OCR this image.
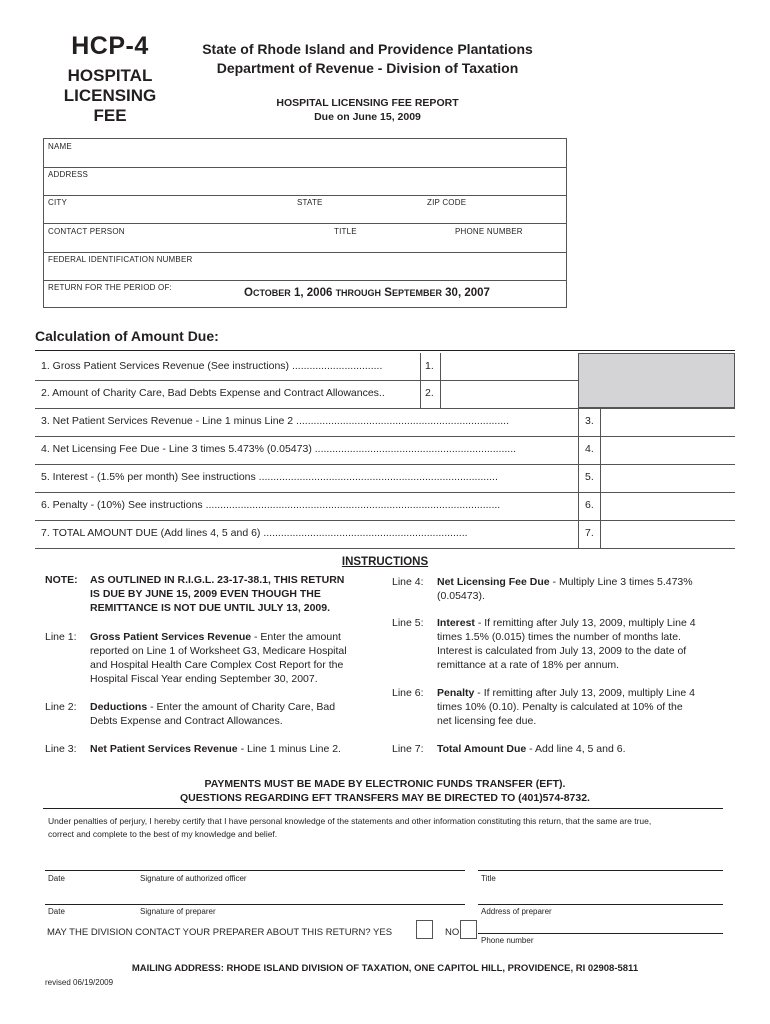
HCP-4
HOSPITAL
LICENSING
FEE
State of Rhode Island and Providence Plantations
Department of Revenue - Division of Taxation
HOSPITAL LICENSING FEE REPORT
Due on June 15, 2009
NAME
ADDRESS
CITY	STATE	ZIP CODE
CONTACT PERSON	TITLE	PHONE NUMBER
FEDERAL IDENTIFICATION NUMBER
RETURN FOR THE PERIOD OF:	OCTOBER 1, 2006 THROUGH SEPTEMBER 30, 2007
Calculation of Amount Due:
1. Gross Patient Services Revenue (See instructions) ...............................	1.
2. Amount of Charity Care, Bad Debts Expense and Contract Allowances..	2.
3. Net Patient Services Revenue - Line 1 minus Line 2 .........................................................................	3.
4. Net Licensing Fee Due - Line 3 times 5.473% (0.05473) .....................................................................	4.
5. Interest - (1.5% per month) See instructions ..................................................................................	5.
6. Penalty - (10%) See instructions .....................................................................................................	6.
7. TOTAL AMOUNT DUE (Add lines 4, 5 and 6) ......................................................................	7.
INSTRUCTIONS
NOTE: AS OUTLINED IN R.I.G.L. 23-17-38.1, THIS RETURN
IS DUE BY JUNE 15, 2009 EVEN THOUGH THE
REMITTANCE IS NOT DUE UNTIL JULY 13, 2009.
Line 1: Gross Patient Services Revenue - Enter the amount
reported on Line 1 of Worksheet G3, Medicare Hospital
and Hospital Health Care Complex Cost Report for the
Hospital Fiscal Year ending September 30, 2007.
Line 2: Deductions - Enter the amount of Charity Care, Bad
Debts Expense and Contract Allowances.
Line 3: Net Patient Services Revenue - Line 1 minus Line 2.
Line 4: Net Licensing Fee Due - Multiply Line 3 times 5.473%
(0.05473).
Line 5: Interest - If remitting after July 13, 2009, multiply Line 4
times 1.5% (0.015) times the number of months late.
Interest is calculated from July 13, 2009 to the date of
remittance at a rate of 18% per annum.
Line 6: Penalty - If remitting after July 13, 2009, multiply Line 4
times 10% (0.10). Penalty is calculated at 10% of the
net licensing fee due.
Line 7: Total Amount Due - Add line 4, 5 and 6.
PAYMENTS MUST BE MADE BY ELECTRONIC FUNDS TRANSFER (EFT).
QUESTIONS REGARDING EFT TRANSFERS MAY BE DIRECTED TO (401)574-8732.
Under penalties of perjury, I hereby certify that I have personal knowledge of the statements and other information constituting this return, that the same are true,
correct and complete to the best of my knowledge and belief.
Date	Signature of authorized officer	Title
Date	Signature of preparer	Address of preparer
MAY THE DIVISION CONTACT YOUR PREPARER ABOUT THIS RETURN? YES	NO
Phone number
MAILING ADDRESS: RHODE ISLAND DIVISION OF TAXATION, ONE CAPITOL HILL, PROVIDENCE, RI 02908-5811
revised 06/19/2009
